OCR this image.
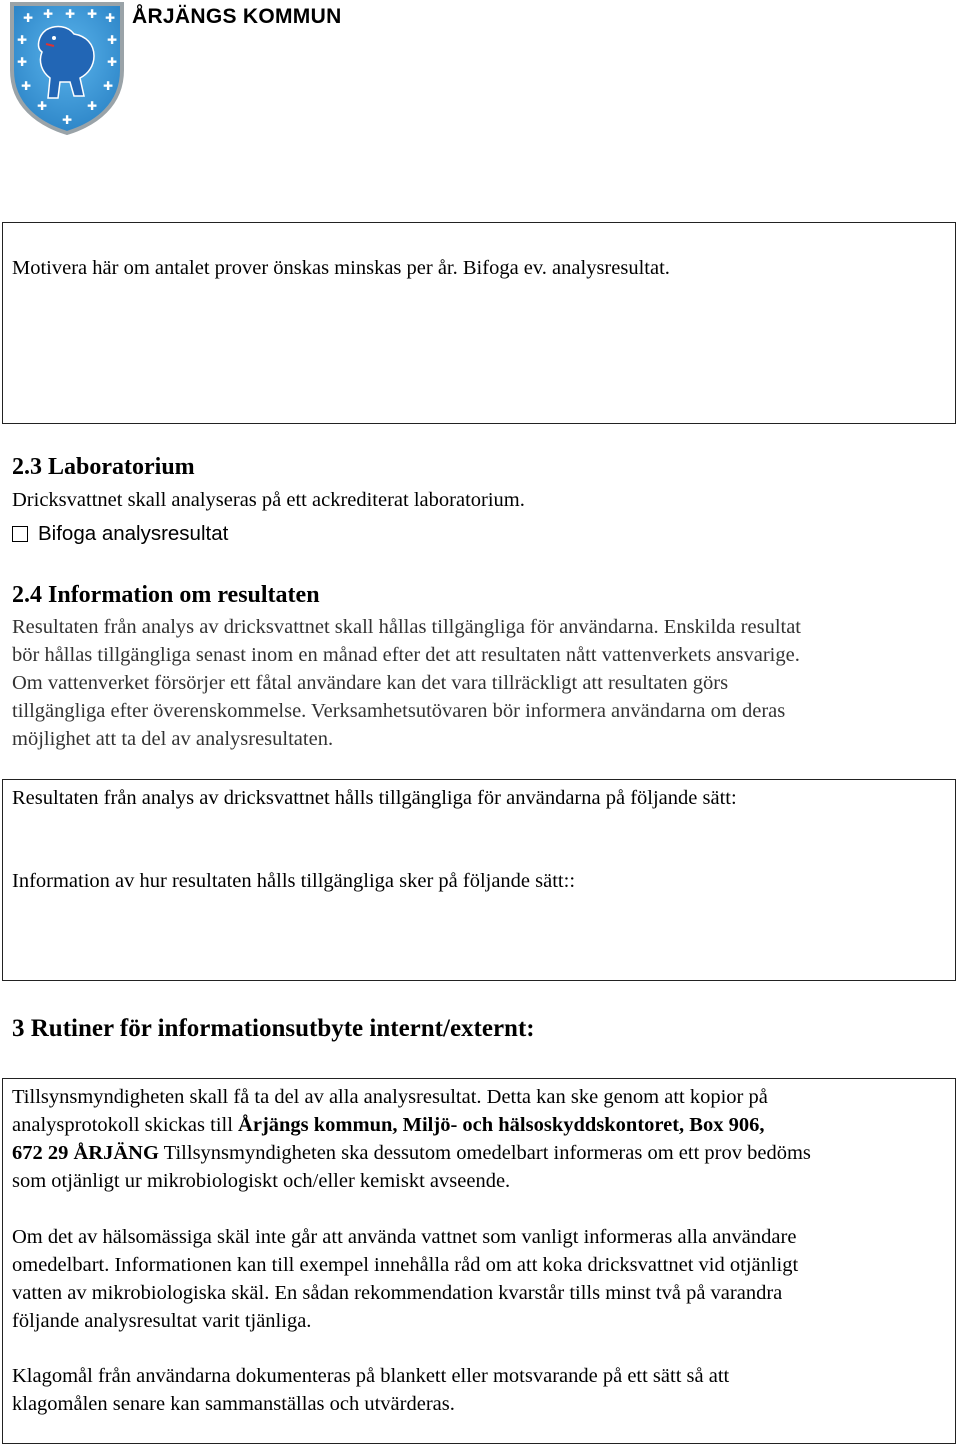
✚ ✚ ✚ ✚ ✚
✚	✚
✚	✚
✚	✚
✚	✚
✚
ÅRJÄNGS KOMMUN
Motivera här om antalet prover önskas minskas per år. Bifoga ev. analysresultat.
2.3 Laboratorium
Dricksvattnet skall analyseras på ett ackrediterat laboratorium.
Bifoga analysresultat
2.4 Information om resultaten
Resultaten från analys av dricksvattnet skall hållas tillgängliga för användarna. Enskilda resultat
bör hållas tillgängliga senast inom en månad efter det att resultaten nått vattenverkets ansvarige.
Om vattenverket försörjer ett fåtal användare kan det vara tillräckligt att resultaten görs
tillgängliga efter överenskommelse. Verksamhetsutövaren bör informera användarna om deras
möjlighet att ta del av analysresultaten.
Resultaten från analys av dricksvattnet hålls tillgängliga för användarna på följande sätt:
Information av hur resultaten hålls tillgängliga sker på följande sätt::
3 Rutiner för informationsutbyte internt/externt:
Tillsynsmyndigheten skall få ta del av alla analysresultat. Detta kan ske genom att kopior på
analysprotokoll skickas till Årjängs kommun, Miljö- och hälsoskyddskontoret, Box 906,
672 29 ÅRJÄNG Tillsynsmyndigheten ska dessutom omedelbart informeras om ett prov bedöms
som otjänligt ur mikrobiologiskt och/eller kemiskt avseende.
Om det av hälsomässiga skäl inte går att använda vattnet som vanligt informeras alla användare
omedelbart. Informationen kan till exempel innehålla råd om att koka dricksvattnet vid otjänligt
vatten av mikrobiologiska skäl. En sådan rekommendation kvarstår tills minst två på varandra
följande analysresultat varit tjänliga.
Klagomål från användarna dokumenteras på blankett eller motsvarande på ett sätt så att
klagomålen senare kan sammanställas och utvärderas.
